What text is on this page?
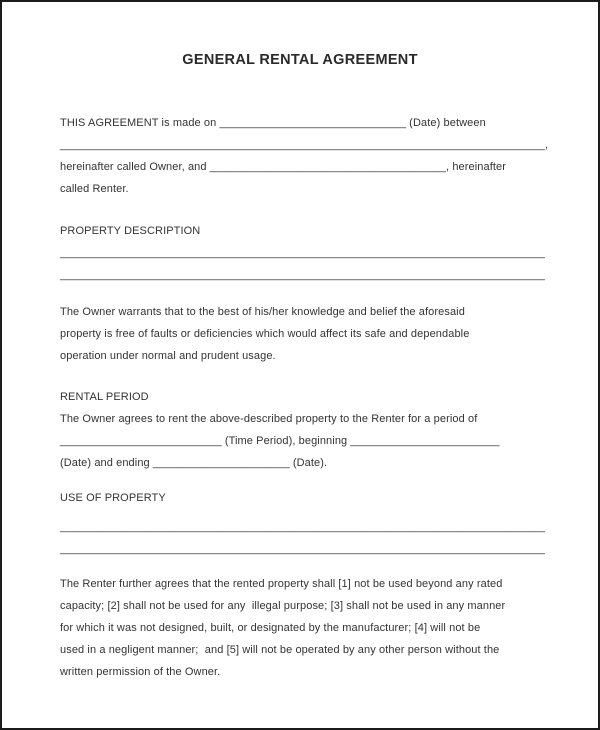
GENERAL RENTAL AGREEMENT
THIS AGREEMENT is made on ______________________________ (Date) between
______________________________________________________________________________,
hereinafter called Owner, and ______________________________________, hereinafter
called Renter.
PROPERTY DESCRIPTION
______________________________________________________________________________
______________________________________________________________________________
The Owner warrants that to the best of his/her knowledge and belief the aforesaid
property is free of faults or deficiencies which would affect its safe and dependable
operation under normal and prudent usage.
RENTAL PERIOD
The Owner agrees to rent the above-described property to the Renter for a period of
__________________________ (Time Period), beginning ________________________
(Date) and ending ______________________ (Date).
USE OF PROPERTY
______________________________________________________________________________
______________________________________________________________________________
The Renter further agrees that the rented property shall [1] not be used beyond any rated
capacity; [2] shall not be used for any  illegal purpose; [3] shall not be used in any manner
for which it was not designed, built, or designated by the manufacturer; [4] will not be
used in a negligent manner;  and [5] will not be operated by any other person without the
written permission of the Owner.
